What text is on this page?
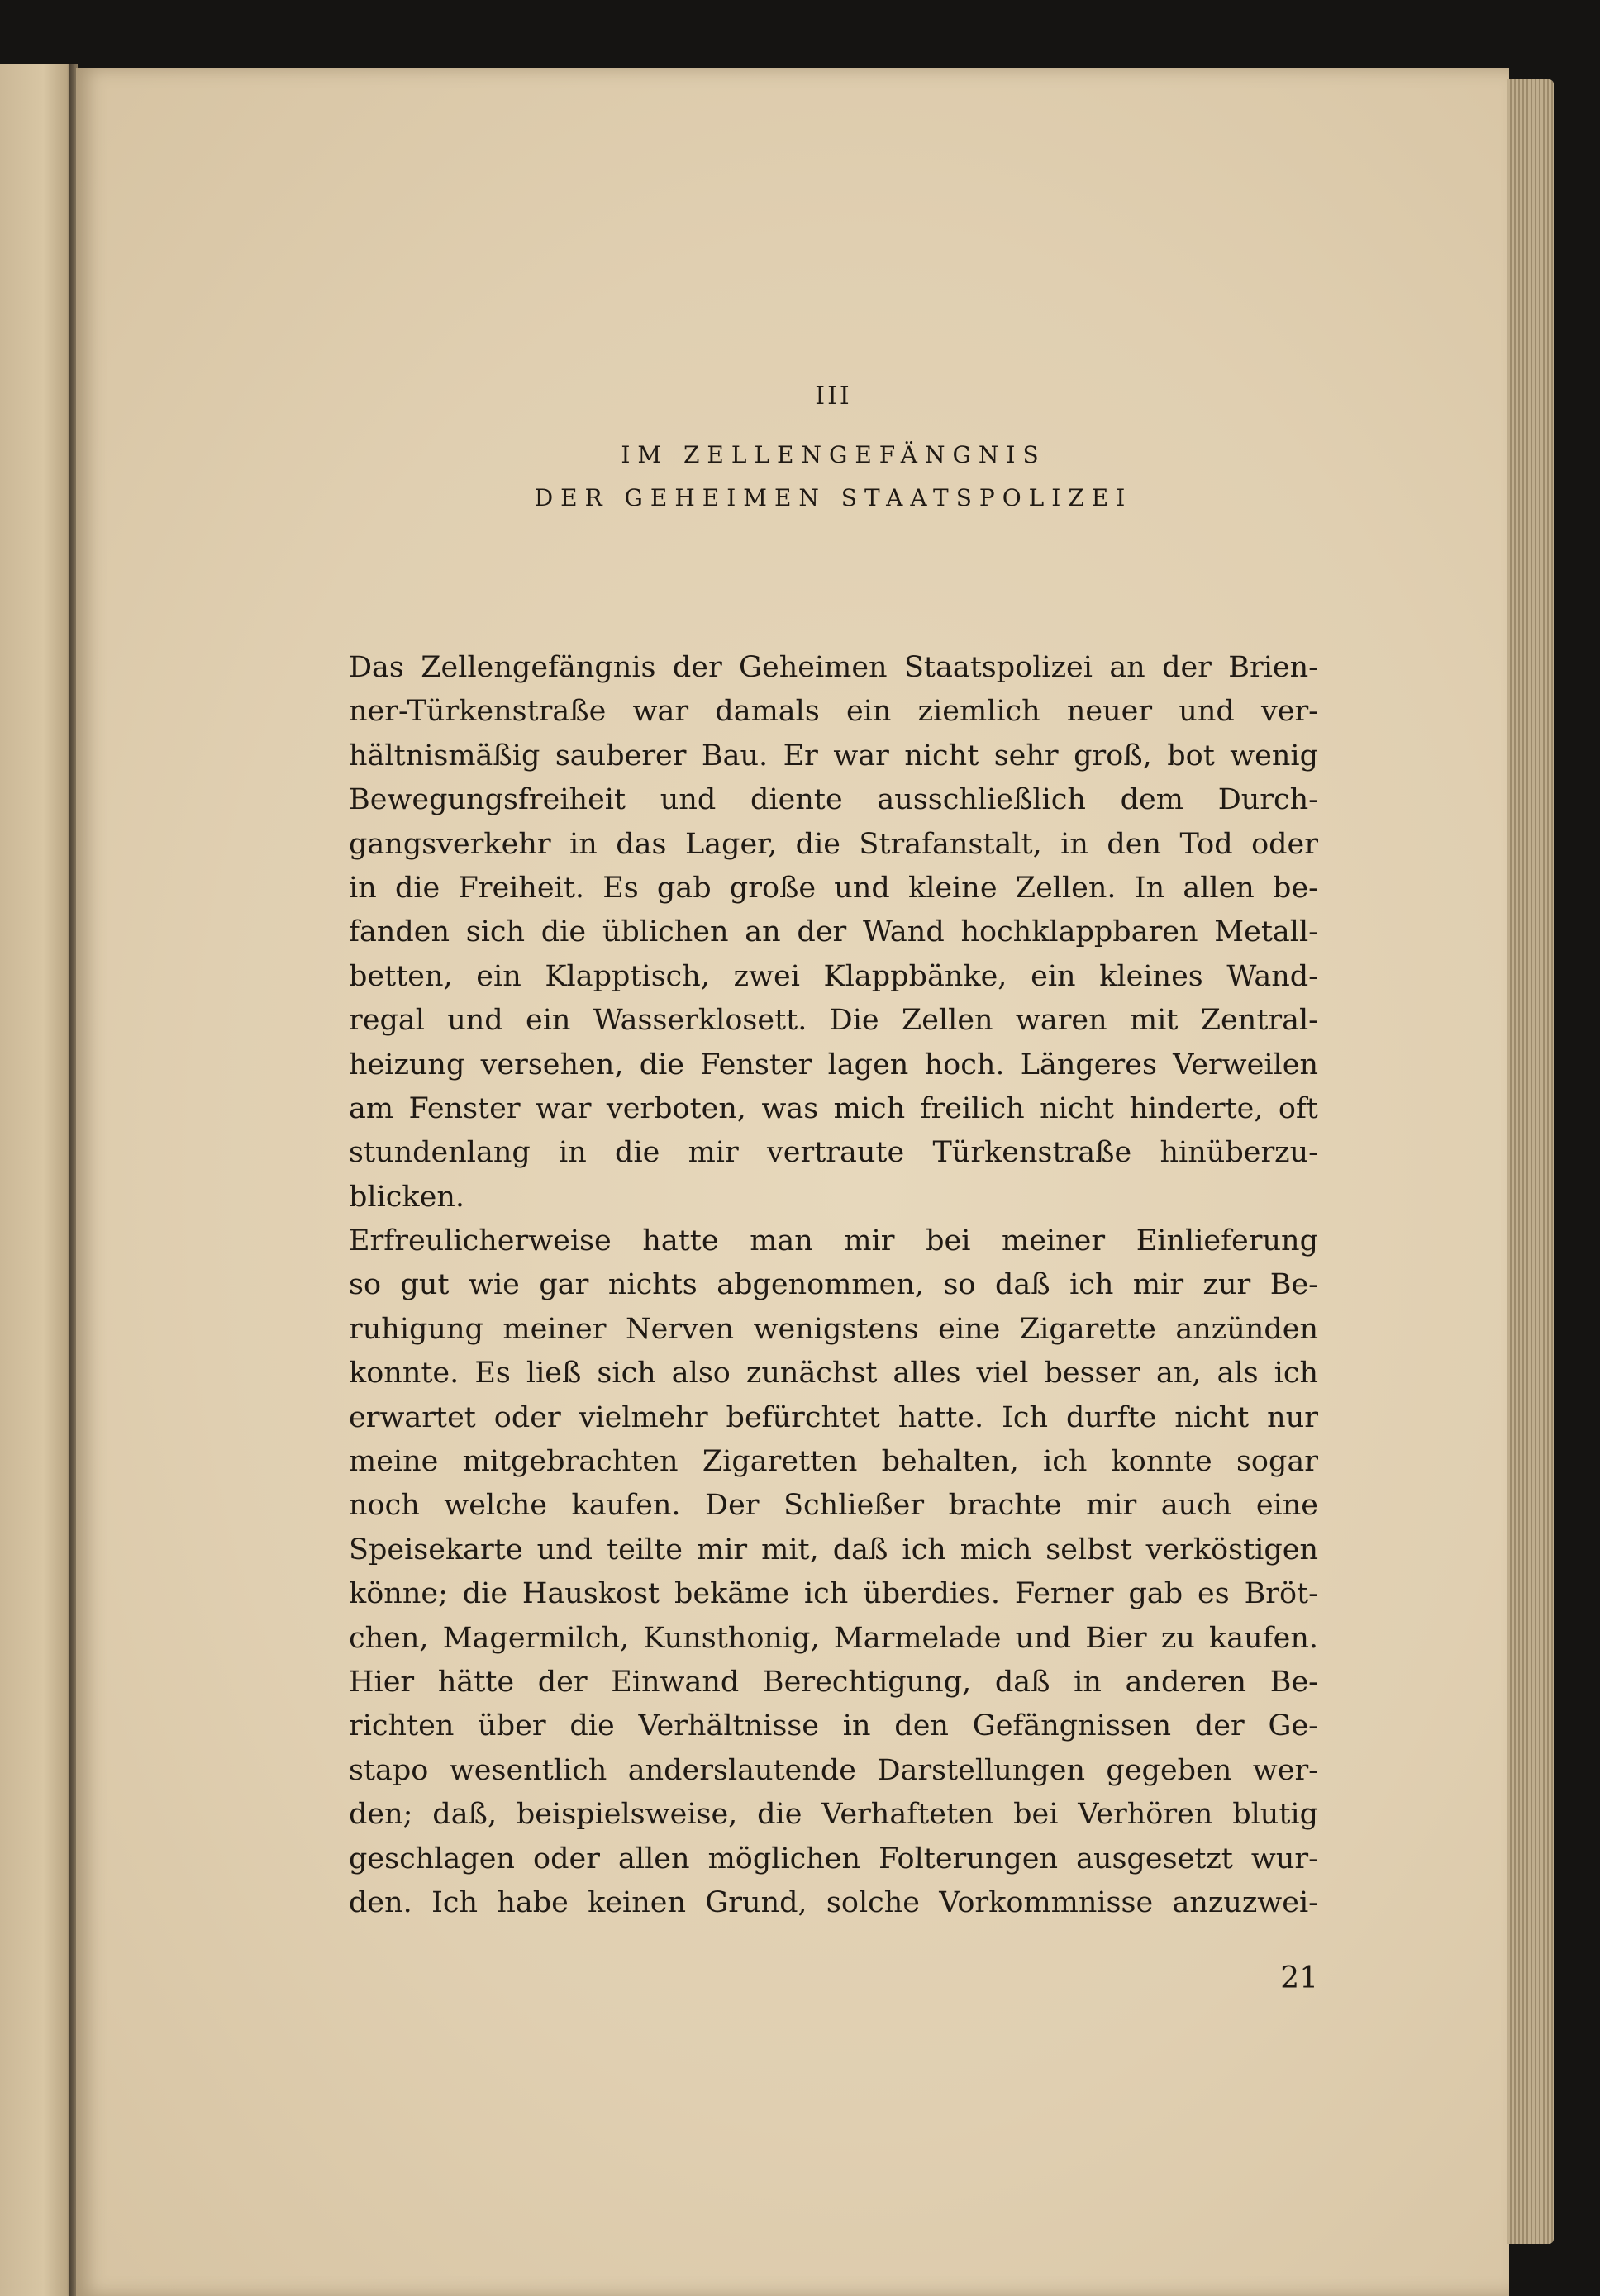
III
IM ZELLENGEFÄNGNIS
DER GEHEIMEN STAATSPOLIZEI
Das Zellengefängnis der Geheimen Staatspolizei an der Brien-
ner-Türkenstraße war damals ein ziemlich neuer und ver-
hältnismäßig sauberer Bau. Er war nicht sehr groß, bot wenig
Bewegungsfreiheit und diente ausschließlich dem Durch-
gangsverkehr in das Lager, die Strafanstalt, in den Tod oder
in die Freiheit. Es gab große und kleine Zellen. In allen be-
fanden sich die üblichen an der Wand hochklappbaren Metall-
betten, ein Klapptisch, zwei Klappbänke, ein kleines Wand-
regal und ein Wasserklosett. Die Zellen waren mit Zentral-
heizung versehen, die Fenster lagen hoch. Längeres Verweilen
am Fenster war verboten, was mich freilich nicht hinderte, oft
stundenlang in die mir vertraute Türkenstraße hinüberzu-
blicken.
Erfreulicherweise hatte man mir bei meiner Einlieferung
so gut wie gar nichts abgenommen, so daß ich mir zur Be-
ruhigung meiner Nerven wenigstens eine Zigarette anzünden
konnte. Es ließ sich also zunächst alles viel besser an, als ich
erwartet oder vielmehr befürchtet hatte. Ich durfte nicht nur
meine mitgebrachten Zigaretten behalten, ich konnte sogar
noch welche kaufen. Der Schließer brachte mir auch eine
Speisekarte und teilte mir mit, daß ich mich selbst verköstigen
könne; die Hauskost bekäme ich überdies. Ferner gab es Bröt-
chen, Magermilch, Kunsthonig, Marmelade und Bier zu kaufen.
Hier hätte der Einwand Berechtigung, daß in anderen Be-
richten über die Verhältnisse in den Gefängnissen der Ge-
stapo wesentlich anderslautende Darstellungen gegeben wer-
den; daß, beispielsweise, die Verhafteten bei Verhören blutig
geschlagen oder allen möglichen Folterungen ausgesetzt wur-
den. Ich habe keinen Grund, solche Vorkommnisse anzuzwei-
21
